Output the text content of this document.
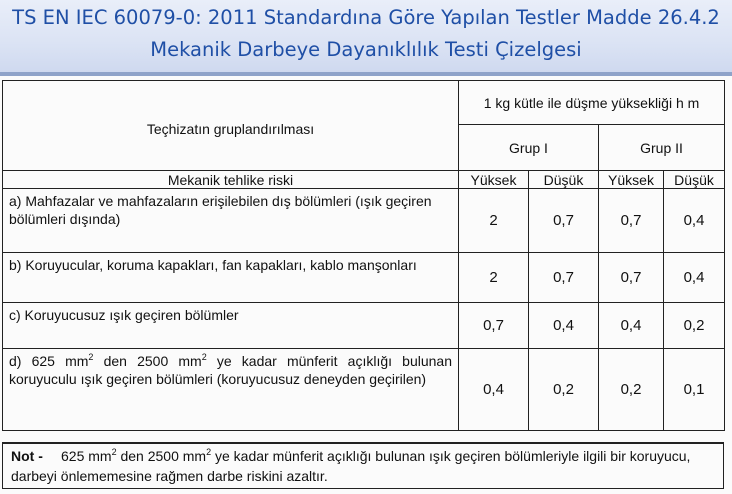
TS EN IEC 60079-0: 2011 Standardına Göre Yapılan Testler Madde 26.4.2
Mekanik Darbeye Dayanıklılık Testi Çizelgesi
Teçhizatın gruplandırılması	1 kg kütle ile düşme yüksekliği h m			
	Grup I		Grup II	
Mekanik tehlike riski	Yüksek	Düşük	Yüksek	Düşük
a) Mahfazalar ve mahfazaların erişilebilen dış bölümleri (ışık geçiren bölümleri dışında)	2	0,7	0,7	0,4
b) Koruyucular, koruma kapakları, fan kapakları, kablo manşonları	2	0,7	0,7	0,4
c) Koruyucusuz ışık geçiren bölümler	0,7	0,4	0,4	0,2
d) 625 $mm^2$ den 2500 $mm^2$ ye kadar münferit açıklığı bulunan koruyuculu ışık geçiren bölümleri (koruyucusuz deneyden geçirilen)	0,4	0,2	0,2	0,1
Not - 625 $mm^2$ den 2500 $mm^2$ ye kadar münferit açıklığı bulunan ışık geçiren bölümleriyle ilgili bir koruyucu, darbeyi önlememesine rağmen darbe riskini azaltır.
